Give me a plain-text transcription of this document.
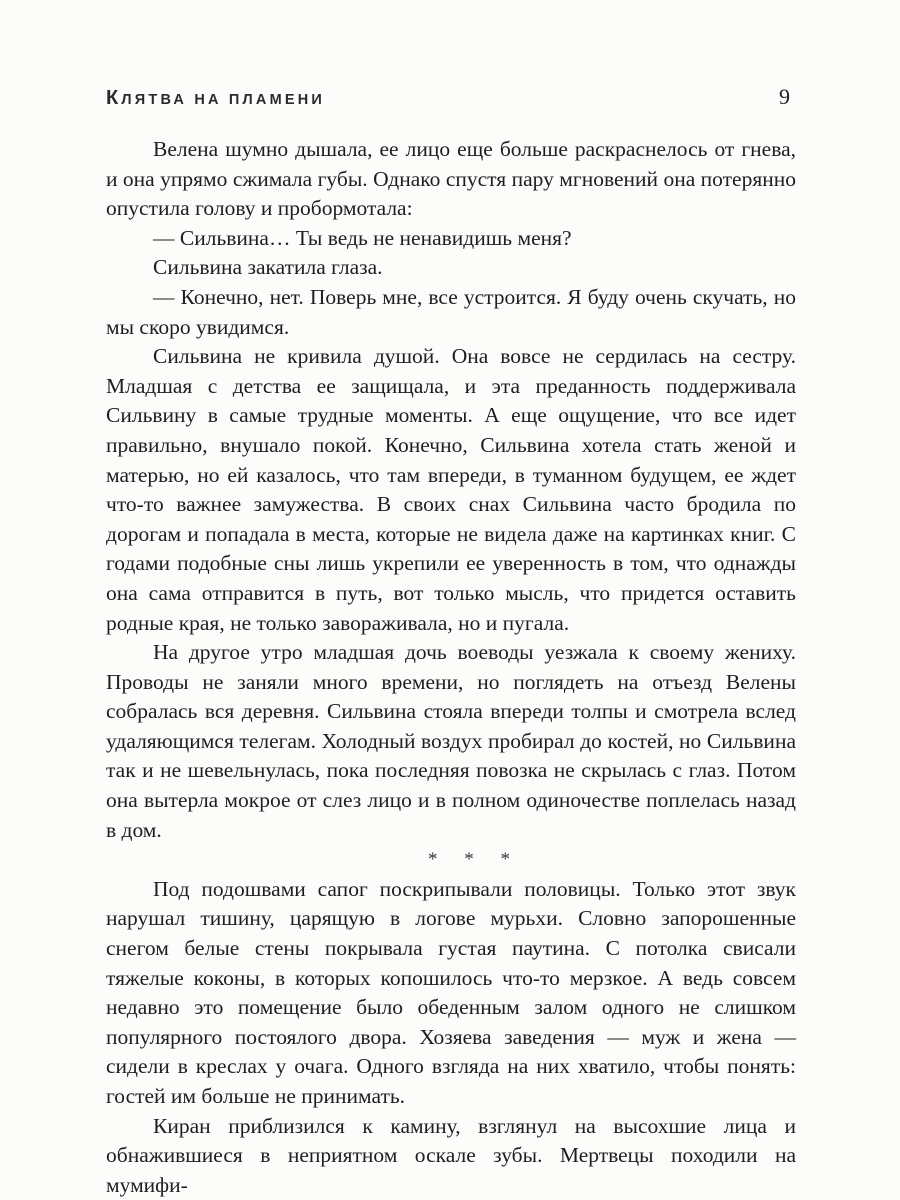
КЛЯТВА НА ПЛАМЕНИ	9

Велена шумно дышала, ее лицо еще больше раскраснелось от гнева, и она упрямо сжимала губы. Однако спустя пару мгновений она потерянно опустила голову и пробормотала:

— Сильвина… Ты ведь не ненавидишь меня?

Сильвина закатила глаза.

— Конечно, нет. Поверь мне, все устроится. Я буду очень скучать, но мы скоро увидимся.

Сильвина не кривила душой. Она вовсе не сердилась на сестру. Младшая с детства ее защищала, и эта преданность поддерживала Сильвину в самые трудные моменты. А еще ощущение, что все идет правильно, внушало покой. Конечно, Сильвина хотела стать женой и матерью, но ей казалось, что там впереди, в туманном будущем, ее ждет что-то важнее замужества. В своих снах Сильвина часто бродила по дорогам и попадала в места, которые не видела даже на картинках книг. С годами подобные сны лишь укрепили ее уверенность в том, что однажды она сама отправится в путь, вот только мысль, что придется оставить родные края, не только завораживала, но и пугала.

На другое утро младшая дочь воеводы уезжала к своему жениху. Проводы не заняли много времени, но поглядеть на отъезд Велены собралась вся деревня. Сильвина стояла впереди толпы и смотрела вслед удаляющимся телегам. Холодный воздух пробирал до костей, но Сильвина так и не шевельнулась, пока последняя повозка не скрылась с глаз. Потом она вытерла мокрое от слез лицо и в полном одиночестве поплелась назад в дом.

* * *

Под подошвами сапог поскрипывали половицы. Только этот звук нарушал тишину, царящую в логове мурьхи. Словно запорошенные снегом белые стены покрывала густая паутина. С потолка свисали тяжелые коконы, в которых копошилось что-то мерзкое. А ведь совсем недавно это помещение было обеденным залом одного не слишком популярного постоялого двора. Хозяева заведения — муж и жена — сидели в креслах у очага. Одного взгляда на них хватило, чтобы понять: гостей им больше не принимать.

Киран приблизился к камину, взглянул на высохшие лица и обнажившиеся в неприятном оскале зубы. Мертвецы походили на мумифи-
